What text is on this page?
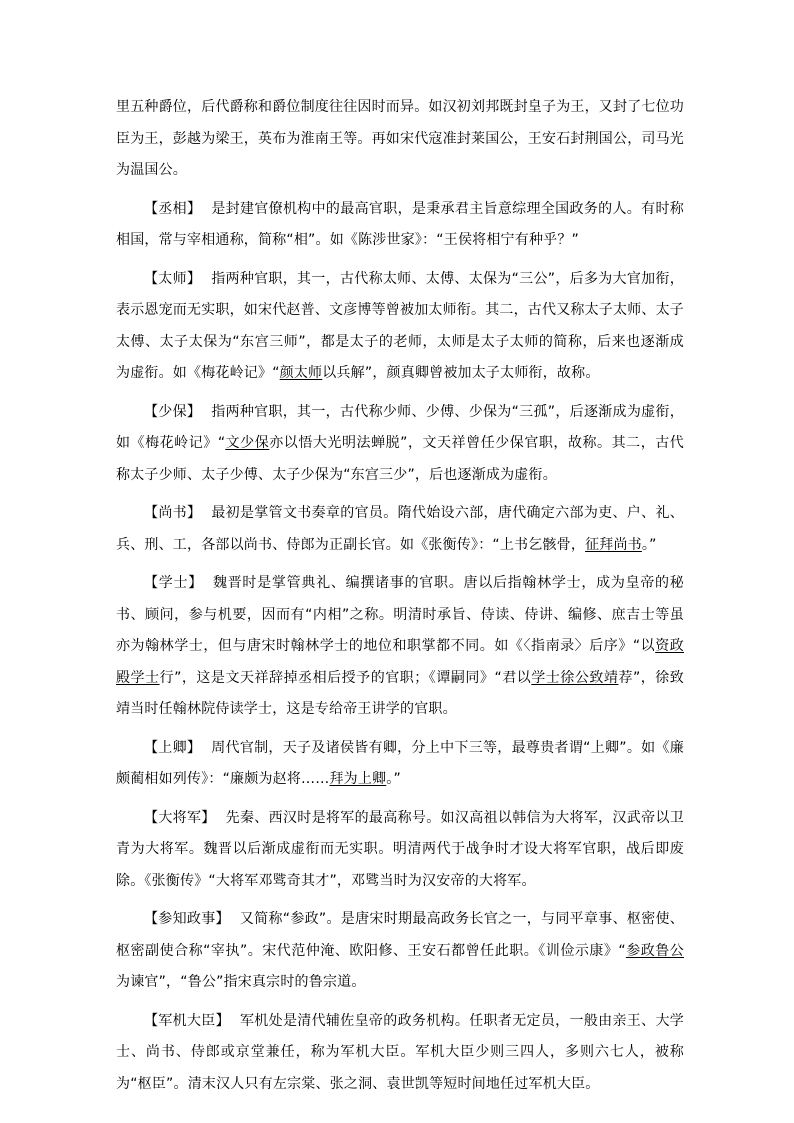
里五种爵位，后代爵称和爵位制度往往因时而异。如汉初刘邦既封皇子为王，又封了七位功臣为王，彭越为梁王，英布为淮南王等。再如宋代寇准封莱国公，王安石封荆国公，司马光为温国公。

【丞相】 是封建官僚机构中的最高官职，是秉承君主旨意综理全国政务的人。有时称相国，常与宰相通称，简称“相”。如《陈涉世家》：“王侯将相宁有种乎？”

【太师】 指两种官职，其一，古代称太师、太傅、太保为“三公”，后多为大官加衔，表示恩宠而无实职，如宋代赵普、文彦博等曾被加太师衔。其二，古代又称太子太师、太子太傅、太子太保为“东宫三师”，都是太子的老师，太师是太子太师的简称，后来也逐渐成为虚衔。如《梅花岭记》“颜太师以兵解”，颜真卿曾被加太子太师衔，故称。

【少保】 指两种官职，其一，古代称少师、少傅、少保为“三孤”，后逐渐成为虚衔，如《梅花岭记》“文少保亦以悟大光明法蝉脱”，文天祥曾任少保官职，故称。其二，古代称太子少师、太子少傅、太子少保为“东宫三少”，后也逐渐成为虚衔。

【尚书】 最初是掌管文书奏章的官员。隋代始设六部，唐代确定六部为吏、户、礼、兵、刑、工，各部以尚书、侍郎为正副长官。如《张衡传》：“上书乞骸骨，征拜尚书。”

【学士】 魏晋时是掌管典礼、编撰诸事的官职。唐以后指翰林学士，成为皇帝的秘书、顾问，参与机要，因而有“内相”之称。明清时承旨、侍读、侍讲、编修、庶吉士等虽亦为翰林学士，但与唐宋时翰林学士的地位和职掌都不同。如《〈指南录〉后序》“以资政殿学士行”，这是文天祥辞掉丞相后授予的官职；《谭嗣同》“君以学士徐公致靖荐”，徐致靖当时任翰林院侍读学士，这是专给帝王讲学的官职。

【上卿】 周代官制，天子及诸侯皆有卿，分上中下三等，最尊贵者谓“上卿”。如《廉颇蔺相如列传》：“廉颇为赵将……拜为上卿。”

【大将军】 先秦、西汉时是将军的最高称号。如汉高祖以韩信为大将军，汉武帝以卫青为大将军。魏晋以后渐成虚衔而无实职。明清两代于战争时才设大将军官职，战后即废除。《张衡传》“大将军邓骘奇其才”，邓骘当时为汉安帝的大将军。

【参知政事】 又简称“参政”。是唐宋时期最高政务长官之一，与同平章事、枢密使、枢密副使合称“宰执”。宋代范仲淹、欧阳修、王安石都曾任此职。《训俭示康》“参政鲁公为谏官”，“鲁公”指宋真宗时的鲁宗道。

【军机大臣】 军机处是清代辅佐皇帝的政务机构。任职者无定员，一般由亲王、大学士、尚书、侍郎或京堂兼任，称为军机大臣。军机大臣少则三四人，多则六七人，被称为“枢臣”。清末汉人只有左宗棠、张之洞、袁世凯等短时间地任过军机大臣。
